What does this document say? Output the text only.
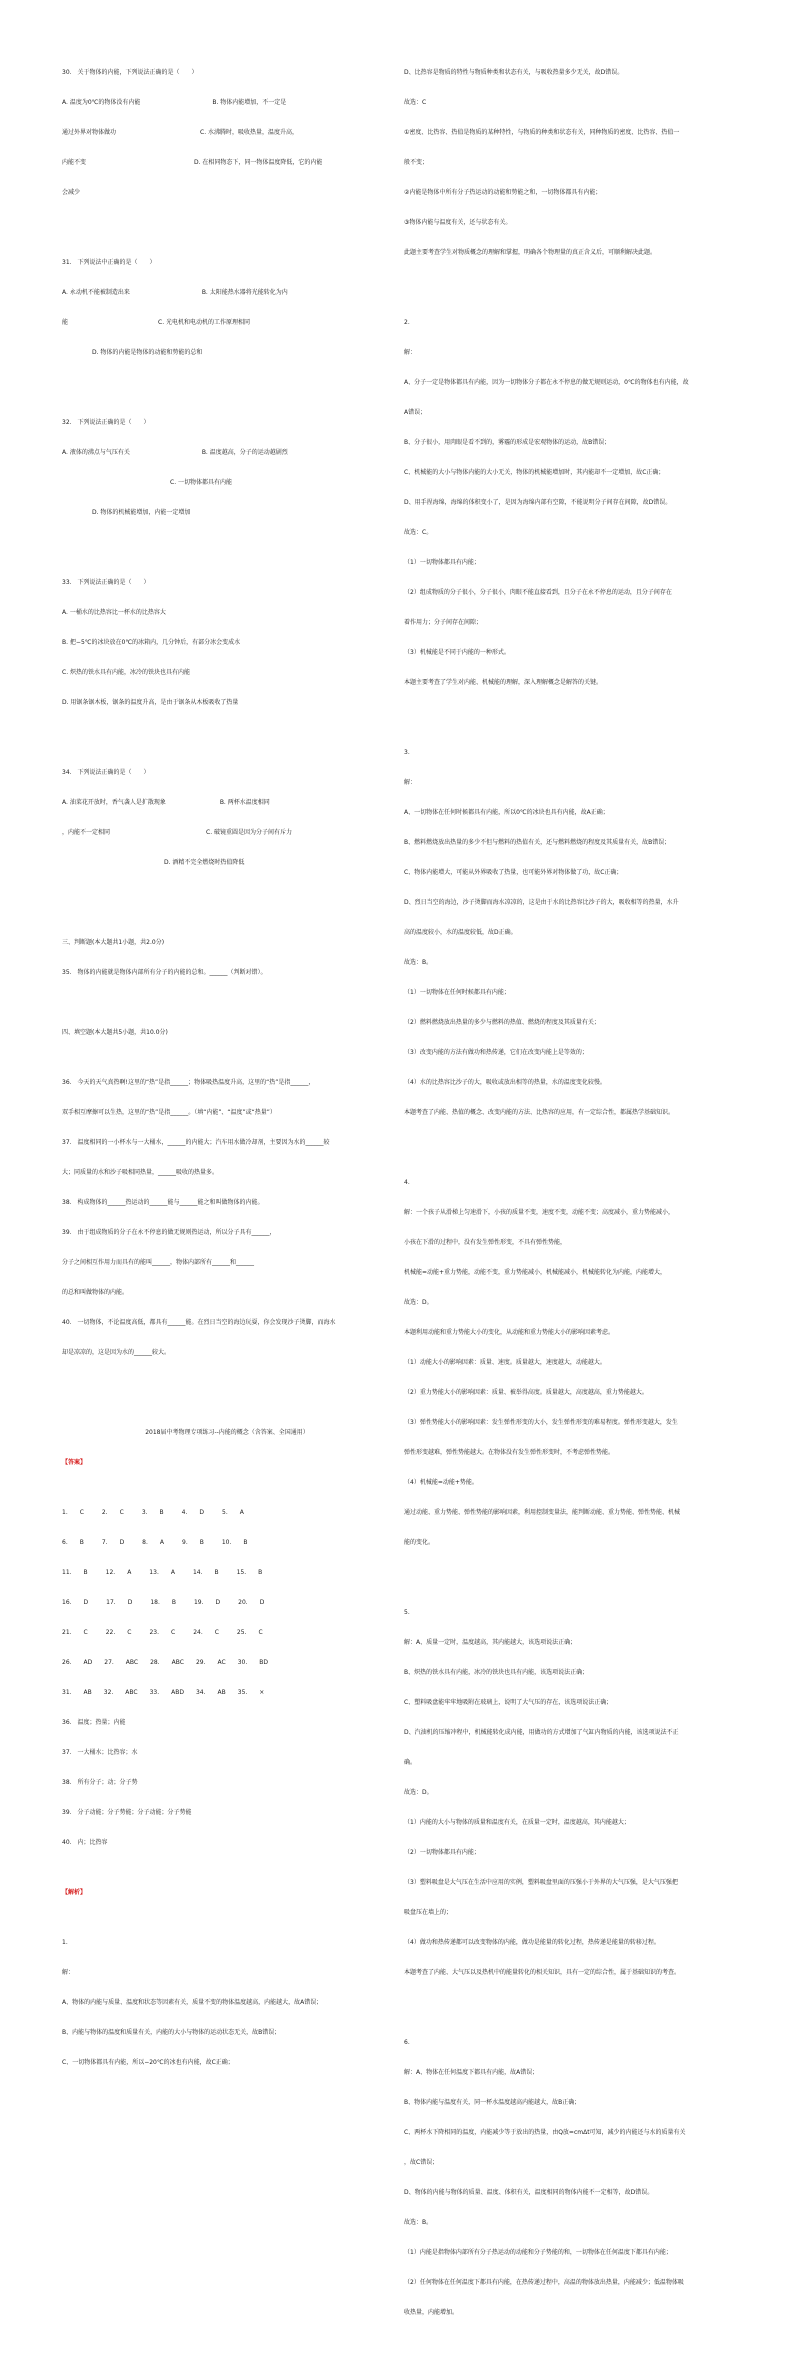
30.　关于物体的内能，下列说法正确的是（　　）

A. 温度为0℃的物体没有内能　　　　　　　　　　　　B. 物体内能增加，不一定是

通过外界对物体做功　　　　　　　　　　　　　　C. 水沸腾时，吸收热量，温度升高，

内能不变　　　　　　　　　　　　　　　　　　D. 在相同物态下，同一物体温度降低，它的内能

会减少

31.　下列说法中正确的是（　　）

A. 永动机不能被制造出来　　　　　　　　　　　　B. 太阳能热水器将光能转化为内

能　　　　　　　　　　　　　　　C. 光电机和电动机的工作原理相同

　　　　　D. 物体的内能是物体的动能和势能的总和

32.　下列说法正确的是（　　）

A. 液体的沸点与气压有关　　　　　　　　　　　　B. 温度越高，分子的运动越剧烈

　　　　　　　　　　　　　　　　　　C. 一切物体都具有内能

　　　　　D. 物体的机械能增加，内能一定增加

33.　下列说法正确的是（　　）

A. 一桶水的比热容比一杯水的比热容大

B. 把−5℃的冰块放在0℃的冰箱内，几分钟后，有部分冰会变成水

C. 炽热的铁水具有内能，冰冷的铁块也具有内能

D. 用锯条锯木板，锯条的温度升高，是由于锯条从木板吸收了热量

34.　下列说法正确的是（　　）

A. 油菜花开放时，香气袭人是扩散现象　　　　　　　　　B. 两杯水温度相同

，内能不一定相同　　　　　　　　　　　　　　　　C. 破镜重圆是因为分子间有斥力

　　　　　　　　　　　　　　　　　D. 酒精不完全燃烧时热值降低

三、判断题(本大题共1小题，共2.0分)

35.　物体的内能就是物体内部所有分子的内能的总和。______（判断对错）。

四、填空题(本大题共5小题，共10.0分)

36.　今天的天气真热啊!这里的“热”是指______；物体吸热温度升高，这里的“热”是指______，

双手相互摩擦可以生热，这里的“热”是指______。（填“内能”、“温度”或“热量”）

37.　温度相同的一小杯水与一大桶水，______的内能大；汽车用水做冷却剂，主要因为水的______较

大；同质量的水和沙子吸相同热量，______吸收的热量多。

38.　构成物体的______热运动的______能与______能之和叫做物体的内能。

39.　由于组成物质的分子在永不停息的做无规则热运动，所以分子具有______，

分子之间相互作用力而具有的能叫______，物体内部所有______和______

的总和叫做物体的内能。

40.　一切物体，不论温度高低，都具有______能。在烈日当空的海边玩耍，你会发现沙子烫脚，而海水

却是凉凉的，这是因为水的______较大。

2018届中考物理专项练习--内能的概念（含答案、全国通用）

【答案】

1.　　C　　　2.　　C　　　3.　　B　　　4.　　D　　　5.　　A

6.　　B　　　7.　　D　　　8.　　A　　　9.　　B　　　10.　　B

11.　　B　　　12.　　A　　　13.　　A　　　14.　　B　　　15.　　B

16.　　D　　　17.　　D　　　18.　　B　　　19.　　D　　　20.　　D

21.　　C　　　22.　　C　　　23.　　C　　　24.　　C　　　25.　　C

26.　　AD　　27.　　ABC　　28.　　ABC　　29.　　AC　　30.　　BD

31.　　AB　　32.　　ABC　　33.　　ABD　　34.　　AB　　35.　　×

36.　温度；热量；内能

37.　一大桶水；比热容；水

38.　所有分子；动；分子势

39.　分子动能；分子势能；分子动能；分子势能

40.　内；比热容

【解析】

1.

解：

A、物体的内能与质量、温度和状态等因素有关，质量不变的物体温度越高，内能越大，故A错误；

B、内能与物体的温度和质量有关，内能的大小与物体的运动状态无关，故B错误；

C、一切物体都具有内能，所以−20℃的冰也有内能，故C正确；

D、比热容是物质的特性与物质种类和状态有关，与吸收热量多少无关，故D错误。

故选：C

①密度、比热容、热值是物质的某种特性，与物质的种类和状态有关，同种物质的密度、比热容、热值一

般不变；

②内能是物体中所有分子热运动的动能和势能之和，一切物体都具有内能；

③物体内能与温度有关，还与状态有关。

此题主要考查学生对物质概念的理解和掌握，明确各个物理量的真正含义后，可顺利解决此题。

2.

解：

A、分子一定是物体都具有内能，因为一切物体分子都在永不停息的做无规则运动，0℃的物体也有内能，故

A错误；

B、分子很小，用肉眼是看不到的，雾霾的形成是宏观物体的运动，故B错误；

C、机械能的大小与物体内能的大小无关，物体的机械能增加时，其内能却不一定增加，故C正确；

D、用手捏海绵，海绵的体积变小了，是因为海绵内部有空隙，不能说明分子间存在间隙，故D错误。

故选：C。

（1）一切物体都具有内能；

（2）组成物质的分子很小，分子很小，肉眼不能直接看到，且分子在永不停息的运动，且分子间存在

着作用力；分子间存在间隙；

（3）机械能是不同于内能的一种形式。

本题主要考查了学生对内能、机械能的理解，深入理解概念是解答的关键。

3.

解：

A、一切物体在任何时候都具有内能，所以0℃的冰块也具有内能，故A正确；

B、燃料燃烧放出热量的多少不但与燃料的热值有关，还与燃料燃烧的程度及其质量有关，故B错误；

C、物体内能增大，可能从外界吸收了热量，也可能外界对物体做了功，故C正确；

D、烈日当空的海边，沙子烫脚而海水凉凉的，这是由于水的比热容比沙子的大，吸收相等的热量，水升

高的温度较小，水的温度较低，故D正确。

故选：B。

（1）一切物体在任何时候都具有内能；

（2）燃料燃烧放出热量的多少与燃料的热值、燃烧的程度及其质量有关；

（3）改变内能的方法有做功和热传递，它们在改变内能上是等效的；

（4）水的比热容比沙子的大，吸收或放出相等的热量，水的温度变化较慢。

本题考查了内能、热值的概念、改变内能的方法、比热容的应用，有一定综合性，都属热学基础知识。

4.

解：一个孩子从滑梯上匀速滑下，小孩的质量不变，速度不变，动能不变；高度减小，重力势能减小，

小孩在下滑的过程中，没有发生弹性形变，不具有弹性势能，

机械能=动能+重力势能，动能不变，重力势能减小，机械能减小，机械能转化为内能，内能增大，

故选：D。

本题利用动能和重力势能大小的变化，从动能和重力势能大小的影响因素考虑。

（1）动能大小的影响因素：质量、速度。质量越大，速度越大，动能越大。

（2）重力势能大小的影响因素：质量、被举得高度。质量越大，高度越高，重力势能越大。

（3）弹性势能大小的影响因素：发生弹性形变的大小，发生弹性形变的难易程度。弹性形变越大，发生

弹性形变越难，弹性势能越大。在物体没有发生弹性形变时，不考虑弹性势能。

（4）机械能=动能+势能。

通过动能、重力势能、弹性势能的影响因素，利用控制变量法，能判断动能、重力势能、弹性势能、机械

能的变化。

5.

解：A、质量一定时，温度越高，其内能越大，该选项说法正确；

B、炽热的铁水具有内能，冰冷的铁块也具有内能，该选项说法正确；

C、塑料吸盘能牢牢地吸附在玻璃上，说明了大气压的存在，该选项说法正确；

D、汽油机的压缩冲程中，机械能转化成内能，用做功的方式增加了气缸内物质的内能，该选项说法不正

确。

故选：D。

（1）内能的大小与物体的质量和温度有关，在质量一定时，温度越高，其内能越大；

（2）一切物体都具有内能；

（3）塑料吸盘是大气压在生活中应用的实例，塑料吸盘里面的压强小于外界的大气压强，是大气压强把

吸盘压在墙上的；

（4）做功和热传递都可以改变物体的内能，做功是能量的转化过程，热传递是能量的转移过程。

本题考查了内能、大气压以及热机中的能量转化的相关知识，具有一定的综合性，属于基础知识的考查。

6.

解：A、物体在任何温度下都具有内能，故A错误；

B、物体内能与温度有关，同一杯水温度越高内能越大，故B正确；

C、两杯水下降相同的温度，内能减少等于放出的热量，由Q放=cmΔt可知，减少的内能还与水的质量有关

，故C错误；

D、物体的内能与物体的质量、温度、体积有关，温度相同的物体内能不一定相等，故D错误。

故选：B。

（1）内能是指物体内部所有分子热运动的动能和分子势能的和，一切物体在任何温度下都具有内能；

（2）任何物体在任何温度下都具有内能，在热传递过程中，高温的物体放出热量，内能减少；低温物体吸

收热量，内能增加。
